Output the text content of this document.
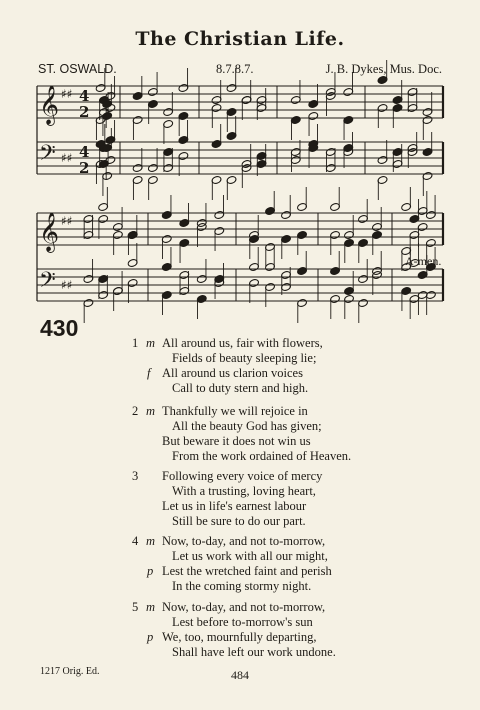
The Christian Life.
ST. OSWALD.	8.7.8.7.	J. B. Dykes, Mus. Doc.
𝄞
𝄢
♯♯
♯♯
4
2
4
2
𝄞
𝄢
♯♯
♯♯
A-men.
430
1 m All around us, fair with flowers,
Fields of beauty sleeping lie;
f All around us clarion voices
Call to duty stern and high.
2 m Thankfully we will rejoice in
All the beauty God has given;
But beware it does not win us
From the work ordained of Heaven.
3 Following every voice of mercy
With a trusting, loving heart,
Let us in life's earnest labour
Still be sure to do our part.
4 m Now, to-day, and not to-morrow,
Let us work with all our might,
p Lest the wretched faint and perish
In the coming stormy night.
5 m Now, to-day, and not to-morrow,
Lest before to-morrow's sun
p We, too, mournfully departing,
Shall have left our work undone.
1217 Orig. Ed.	484
